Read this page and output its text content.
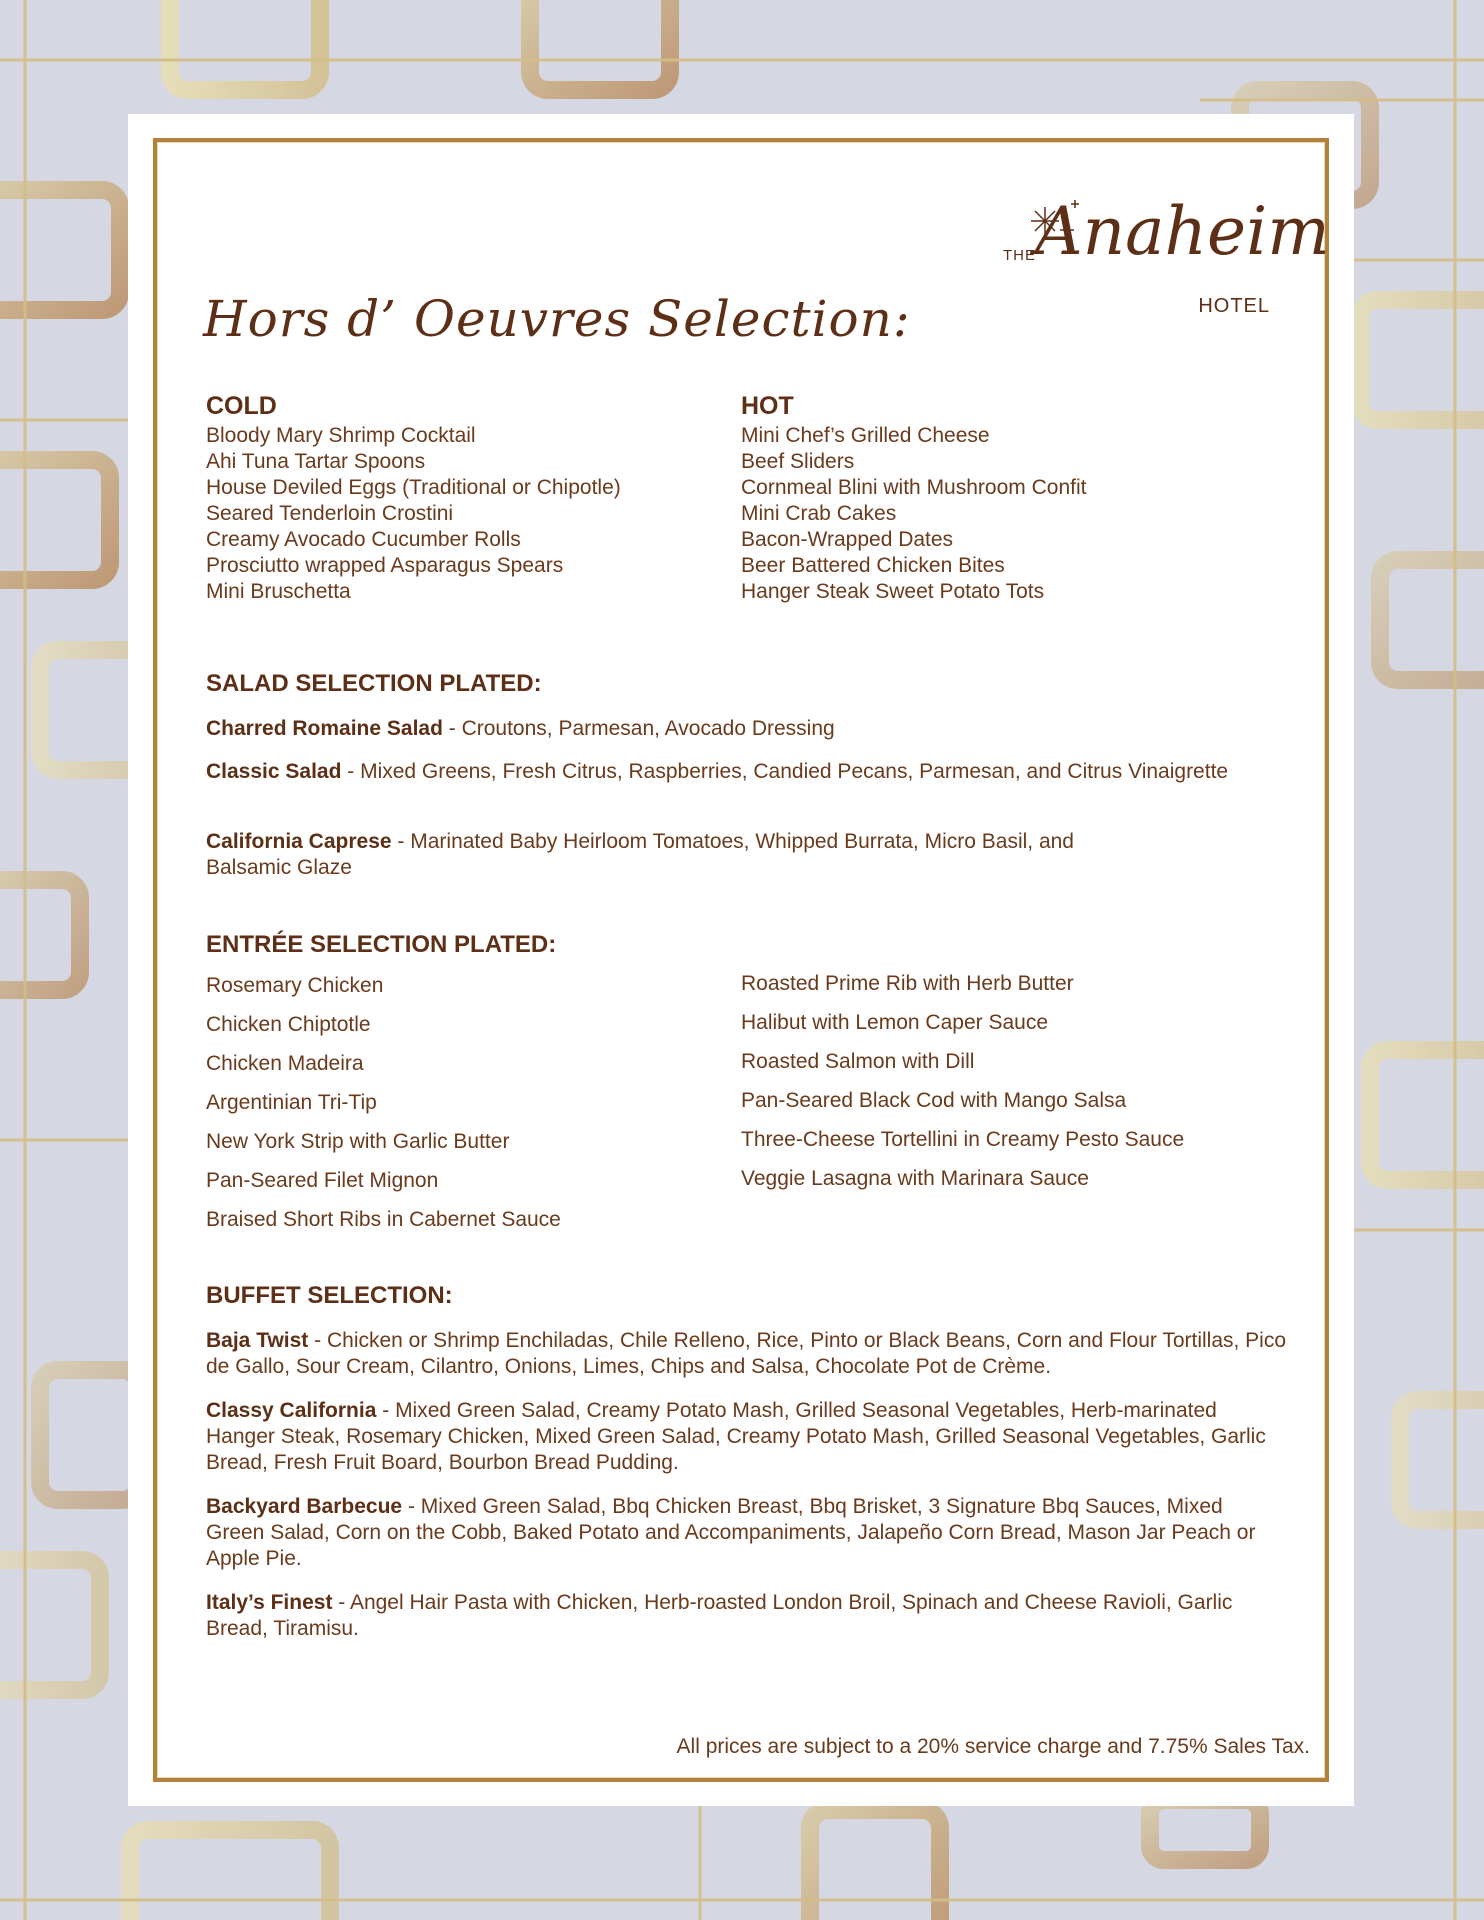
THE Anaheim
HOTEL
Hors d’ Oeuvres Selection:
COLD
Bloody Mary Shrimp Cocktail
Ahi Tuna Tartar Spoons
House Deviled Eggs (Traditional or Chipotle)
Seared Tenderloin Crostini
Creamy Avocado Cucumber Rolls
Prosciutto wrapped Asparagus Spears
Mini Bruschetta
HOT
Mini Chef’s Grilled Cheese
Beef Sliders
Cornmeal Blini with Mushroom Confit
Mini Crab Cakes
Bacon-Wrapped Dates
Beer Battered Chicken Bites
Hanger Steak Sweet Potato Tots
SALAD SELECTION PLATED:
Charred Romaine Salad - Croutons, Parmesan, Avocado Dressing
Classic Salad - Mixed Greens, Fresh Citrus, Raspberries, Candied Pecans, Parmesan, and Citrus Vinaigrette
California Caprese - Marinated Baby Heirloom Tomatoes, Whipped Burrata, Micro Basil, and Balsamic Glaze
ENTRÉE SELECTION PLATED:
Rosemary Chicken
Chicken Chiptotle
Chicken Madeira
Argentinian Tri-Tip
New York Strip with Garlic Butter
Pan-Seared Filet Mignon
Braised Short Ribs in Cabernet Sauce
Roasted Prime Rib with Herb Butter
Halibut with Lemon Caper Sauce
Roasted Salmon with Dill
Pan-Seared Black Cod with Mango Salsa
Three-Cheese Tortellini in Creamy Pesto Sauce
Veggie Lasagna with Marinara Sauce
BUFFET SELECTION:
Baja Twist - Chicken or Shrimp Enchiladas, Chile Relleno, Rice, Pinto or Black Beans, Corn and Flour Tortillas, Pico de Gallo, Sour Cream, Cilantro, Onions, Limes, Chips and Salsa, Chocolate Pot de Crème.
Classy California - Mixed Green Salad, Creamy Potato Mash, Grilled Seasonal Vegetables, Herb-marinated Hanger Steak, Rosemary Chicken, Mixed Green Salad, Creamy Potato Mash, Grilled Seasonal Vegetables, Garlic Bread, Fresh Fruit Board, Bourbon Bread Pudding.
Backyard Barbecue - Mixed Green Salad, Bbq Chicken Breast, Bbq Brisket, 3 Signature Bbq Sauces, Mixed Green Salad, Corn on the Cobb, Baked Potato and Accompaniments, Jalapeño Corn Bread, Mason Jar Peach or Apple Pie.
Italy’s Finest - Angel Hair Pasta with Chicken, Herb-roasted London Broil, Spinach and Cheese Ravioli, Garlic Bread, Tiramisu.
All prices are subject to a 20% service charge and 7.75% Sales Tax.
